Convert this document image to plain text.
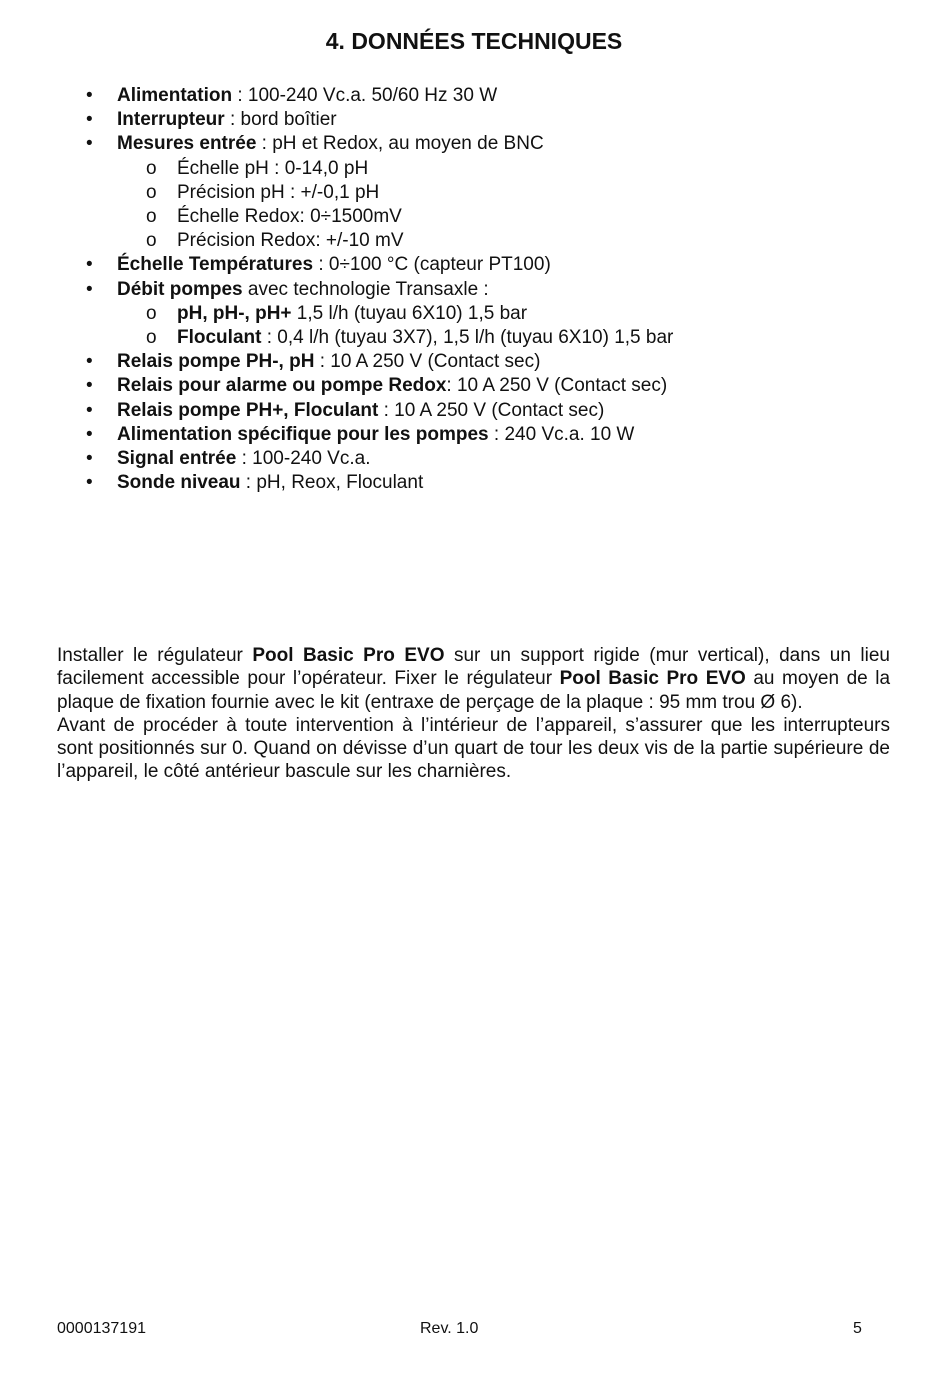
4. DONNÉES TECHNIQUES
• Alimentation : 100-240 Vc.a. 50/60 Hz 30 W
• Interrupteur : bord boîtier
• Mesures entrée : pH et Redox, au moyen de BNC
o Échelle pH : 0-14,0 pH
o Précision pH : +/-0,1 pH
o Échelle Redox: 0÷1500mV
o Précision Redox: +/-10 mV
• Échelle Températures : 0÷100 °C (capteur PT100)
• Débit pompes avec technologie Transaxle :
o pH, pH-, pH+ 1,5 l/h (tuyau 6X10) 1,5 bar
o Floculant : 0,4 l/h (tuyau 3X7), 1,5 l/h (tuyau 6X10) 1,5 bar
• Relais pompe PH-, pH : 10 A 250 V (Contact sec)
• Relais pour alarme ou pompe Redox: 10 A 250 V (Contact sec)
• Relais pompe PH+, Floculant : 10 A 250 V (Contact sec)
• Alimentation spécifique pour les pompes : 240 Vc.a. 10 W
• Signal entrée : 100-240 Vc.a.
• Sonde niveau : pH, Reox, Floculant
Installer le régulateur Pool Basic Pro EVO sur un support rigide (mur vertical), dans un lieu facilement accessible pour l’opérateur. Fixer le régulateur Pool Basic Pro EVO au moyen de la plaque de fixation fournie avec le kit (entraxe de perçage de la plaque : 95 mm trou Ø 6).
Avant de procéder à toute intervention à l’intérieur de l’appareil, s’assurer que les interrupteurs sont positionnés sur 0. Quand on dévisse d’un quart de tour les deux vis de la partie supérieure de l’appareil, le côté antérieur bascule sur les charnières.
0000137191	Rev. 1.0	5
